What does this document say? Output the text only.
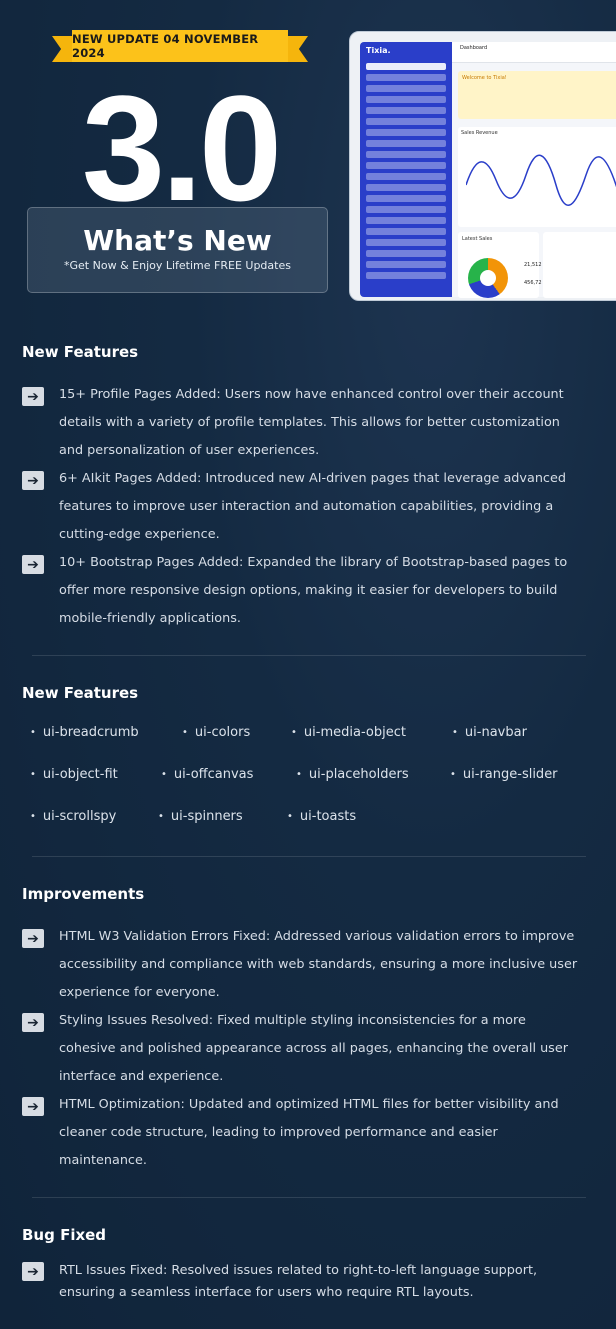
NEW UPDATE 04 NOVEMBER 2024
3.0
What’s New
*Get Now & Enjoy Lifetime FREE Updates
Tixia.	Dashboard
Welcome to Tixia!
Sales Revenue
Latest Sales
21,512
456,72
New Features
➔	15+ Profile Pages Added: Users now have enhanced control over their account details with a variety of profile templates. This allows for better customization and personalization of user experiences.
➔	6+ AIkit Pages Added: Introduced new AI-driven pages that leverage advanced features to improve user interaction and automation capabilities, providing a cutting-edge experience.
➔	10+ Bootstrap Pages Added: Expanded the library of Bootstrap-based pages to offer more responsive design options, making it easier for developers to build mobile-friendly applications.
New Features
• ui-breadcrumb	• ui-colors	• ui-media-object	• ui-navbar
• ui-object-fit	• ui-offcanvas	• ui-placeholders	• ui-range-slider
• ui-scrollspy	• ui-spinners	• ui-toasts
Improvements
➔	HTML W3 Validation Errors Fixed: Addressed various validation errors to improve accessibility and compliance with web standards, ensuring a more inclusive user experience for everyone.
➔	Styling Issues Resolved: Fixed multiple styling inconsistencies for a more cohesive and polished appearance across all pages, enhancing the overall user interface and experience.
➔	HTML Optimization: Updated and optimized HTML files for better visibility and cleaner code structure, leading to improved performance and easier maintenance.
Bug Fixed
➔	RTL Issues Fixed: Resolved issues related to right-to-left language support, ensuring a seamless interface for users who require RTL layouts.
